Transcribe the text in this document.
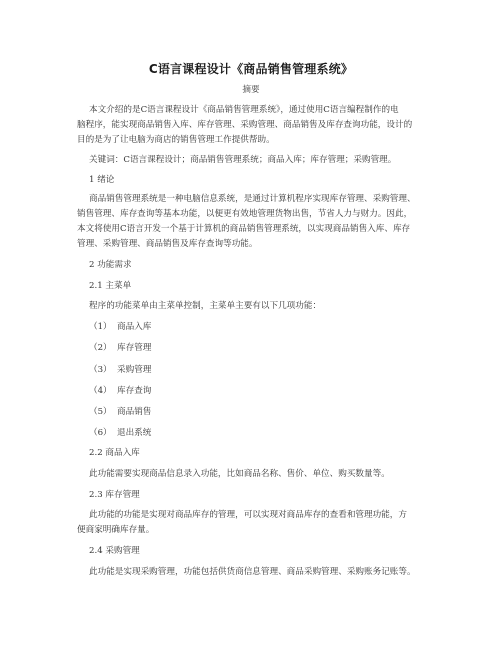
C语言课程设计《商品销售管理系统》
摘要
本文介绍的是C语言课程设计《商品销售管理系统》，通过使用C语言编程制作的电
脑程序，能实现商品销售入库、库存管理、采购管理、商品销售及库存查询功能，设计的
目的是为了让电脑为商店的销售管理工作提供帮助。
关键词：C语言课程设计；商品销售管理系统；商品入库；库存管理；采购管理。
1 绪论
商品销售管理系统是一种电脑信息系统，是通过计算机程序实现库存管理、采购管理、
销售管理、库存查询等基本功能，以便更有效地管理货物出售，节省人力与财力。因此，
本文将使用C语言开发一个基于计算机的商品销售管理系统，以实现商品销售入库、库存
管理、采购管理、商品销售及库存查询等功能。
2 功能需求
2.1 主菜单
程序的功能菜单由主菜单控制，主菜单主要有以下几项功能：
（1） 商品入库
（2） 库存管理
（3） 采购管理
（4） 库存查询
（5） 商品销售
（6） 退出系统
2.2 商品入库
此功能需要实现商品信息录入功能，比如商品名称、售价、单位、购买数量等。
2.3 库存管理
此功能的功能是实现对商品库存的管理，可以实现对商品库存的查看和管理功能，方
便商家明确库存量。
2.4 采购管理
此功能是实现采购管理，功能包括供货商信息管理、商品采购管理、采购账务记账等。
